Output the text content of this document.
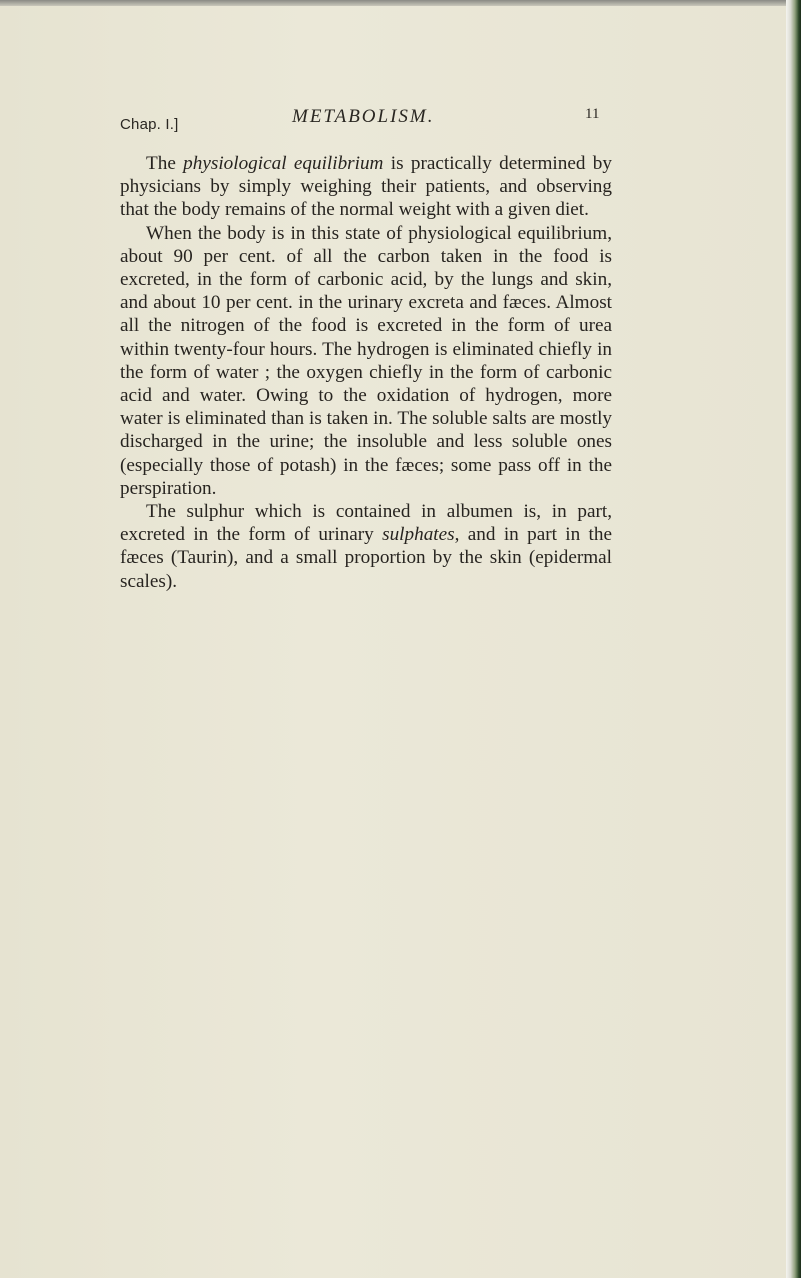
Chap. I.]	METABOLISM.	11

The physiological equilibrium is practically determined by physicians by simply weighing their patients, and observing that the body remains of the normal weight with a given diet.

When the body is in this state of physiological equilibrium, about 90 per cent. of all the carbon taken in the food is excreted, in the form of carbonic acid, by the lungs and skin, and about 10 per cent. in the urinary excreta and fæces. Almost all the nitrogen of the food is excreted in the form of urea within twenty-four hours. The hydrogen is eliminated chiefly in the form of water ; the oxygen chiefly in the form of carbonic acid and water. Owing to the oxidation of hydrogen, more water is eliminated than is taken in. The soluble salts are mostly discharged in the urine; the insoluble and less soluble ones (especially those of potash) in the fæces; some pass off in the perspiration.

The sulphur which is contained in albumen is, in part, excreted in the form of urinary sulphates, and in part in the fæces (Taurin), and a small proportion by the skin (epidermal scales).
